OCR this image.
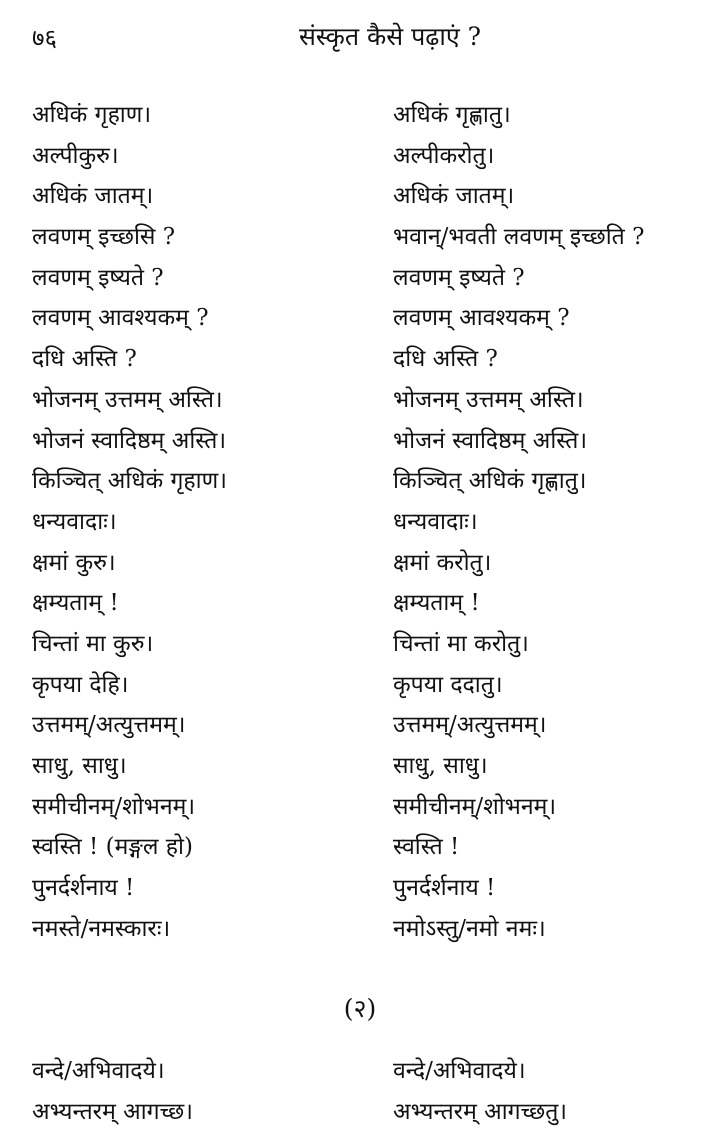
७६	संस्कृत कैसे पढ़ाएं ?
अधिकं गृहाण।	अधिकं गृह्णातु।
अल्पीकुरु।	अल्पीकरोतु।
अधिकं जातम्।	अधिकं जातम्।
लवणम् इच्छसि ?	भवान्/भवती लवणम् इच्छति ?
लवणम् इष्यते ?	लवणम् इष्यते ?
लवणम् आवश्यकम् ?	लवणम् आवश्यकम् ?
दधि अस्ति ?	दधि अस्ति ?
भोजनम् उत्तमम् अस्ति।	भोजनम् उत्तमम् अस्ति।
भोजनं स्वादिष्ठम् अस्ति।	भोजनं स्वादिष्ठम् अस्ति।
किञ्चित् अधिकं गृहाण।	किञ्चित् अधिकं गृह्णातु।
धन्यवादाः।	धन्यवादाः।
क्षमां कुरु।	क्षमां करोतु।
क्षम्यताम् !	क्षम्यताम् !
चिन्तां मा कुरु।	चिन्तां मा करोतु।
कृपया देहि।	कृपया ददातु।
उत्तमम्/अत्युत्तमम्।	उत्तमम्/अत्युत्तमम्।
साधु, साधु।	साधु, साधु।
समीचीनम्/शोभनम्।	समीचीनम्/शोभनम्।
स्वस्ति ! (मङ्गल हो)	स्वस्ति !
पुनर्दर्शनाय !	पुनर्दर्शनाय !
नमस्ते/नमस्कारः।	नमोऽस्तु/नमो नमः।
(२)
वन्दे/अभिवादये।	वन्दे/अभिवादये।
अभ्यन्तरम् आगच्छ।	अभ्यन्तरम् आगच्छतु।
